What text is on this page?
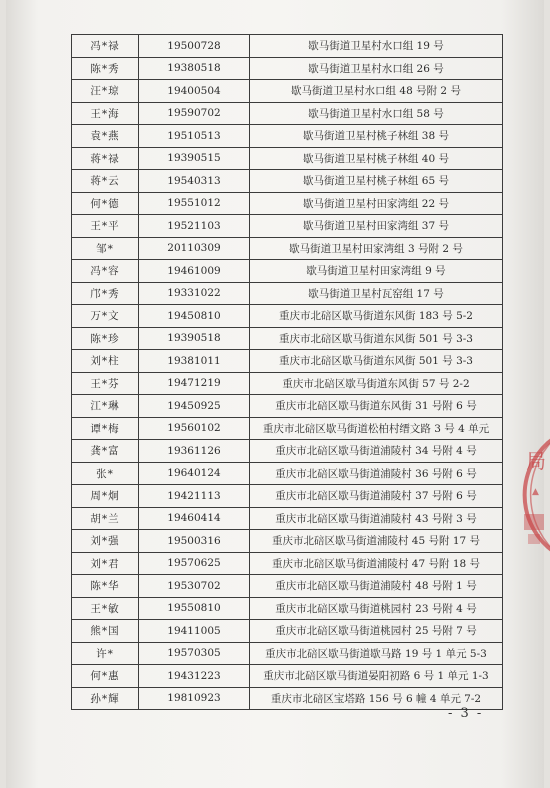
冯*禄	19500728	歇马街道卫星村水口组 19 号
陈*秀	19380518	歇马街道卫星村水口组 26 号
汪*琼	19400504	歇马街道卫星村水口组 48 号附 2 号
王*海	19590702	歇马街道卫星村水口组 58 号
袁*燕	19510513	歇马街道卫星村桃子林组 38 号
蒋*禄	19390515	歇马街道卫星村桃子林组 40 号
蒋*云	19540313	歇马街道卫星村桃子林组 65 号
何*德	19551012	歇马街道卫星村田家湾组 22 号
王*平	19521103	歇马街道卫星村田家湾组 37 号
邹*	20110309	歇马街道卫星村田家湾组 3 号附 2 号
冯*容	19461009	歇马街道卫星村田家湾组 9 号
邝*秀	19331022	歇马街道卫星村瓦窑组 17 号
万*文	19450810	重庆市北碚区歇马街道东风街 183 号 5-2
陈*珍	19390518	重庆市北碚区歇马街道东风街 501 号 3-3
刘*柱	19381011	重庆市北碚区歇马街道东风街 501 号 3-3
王*芬	19471219	重庆市北碚区歇马街道东风街 57 号 2-2
江*琳	19450925	重庆市北碚区歇马街道东风街 31 号附 6 号
谭*梅	19560102	重庆市北碚区歇马街道松柏村缙文路 3 号 4 单元
龚*富	19361126	重庆市北碚区歇马街道浦陵村 34 号附 4 号
张*	19640124	重庆市北碚区歇马街道浦陵村 36 号附 6 号
周*炯	19421113	重庆市北碚区歇马街道浦陵村 37 号附 6 号
胡*兰	19460414	重庆市北碚区歇马街道浦陵村 43 号附 3 号
刘*强	19500316	重庆市北碚区歇马街道浦陵村 45 号附 17 号
刘*君	19570625	重庆市北碚区歇马街道浦陵村 47 号附 18 号
陈*华	19530702	重庆市北碚区歇马街道浦陵村 48 号附 1 号
王*敏	19550810	重庆市北碚区歇马街道桃园村 23 号附 4 号
熊*国	19411005	重庆市北碚区歇马街道桃园村 25 号附 7 号
许*	19570305	重庆市北碚区歇马街道歇马路 19 号 1 单元 5-3
何*惠	19431223	重庆市北碚区歇马街道晏阳初路 6 号 1 单元 1-3
孙*輝	19810923	重庆市北碚区宝塔路 156 号 6 幢 4 单元 7-2
- 3 -
局
▲
